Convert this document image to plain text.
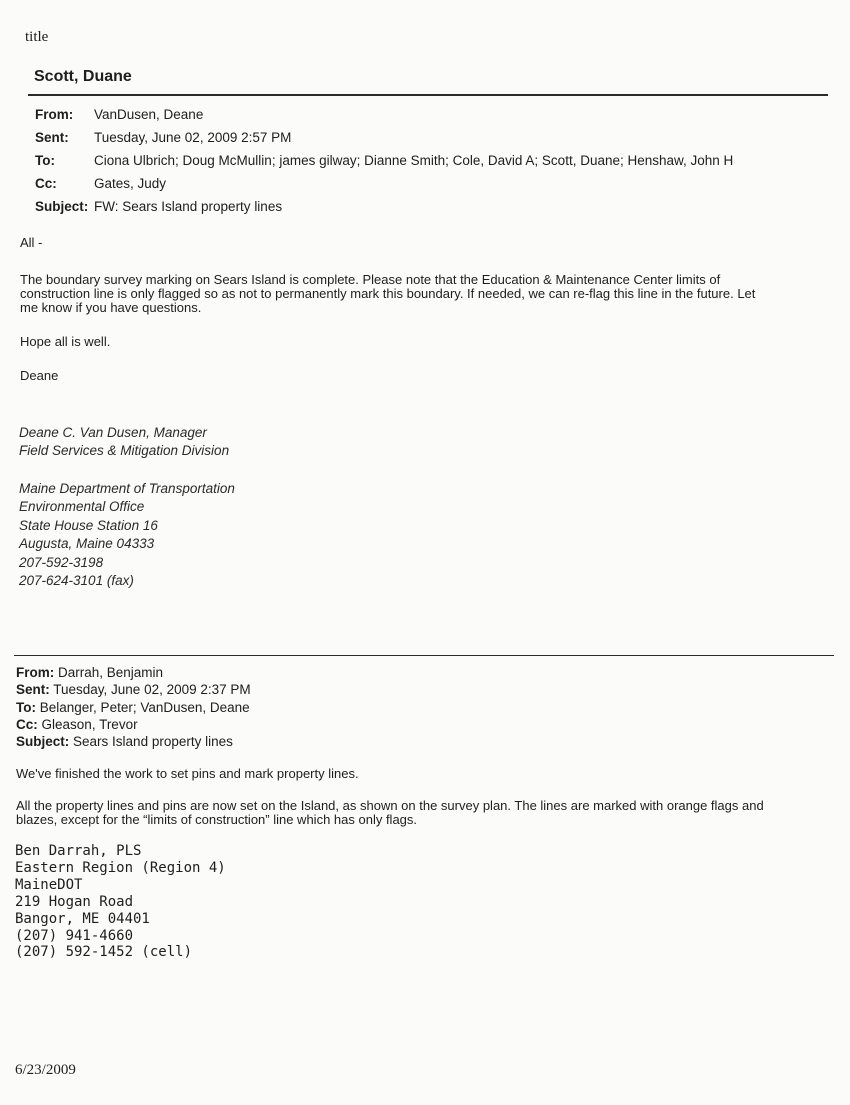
title
Scott, Duane
From: VanDusen, Deane
Sent: Tuesday, June 02, 2009 2:57 PM
To:	Ciona Ulbrich; Doug McMullin; james gilway; Dianne Smith; Cole, David A; Scott, Duane; Henshaw, John H
Cc:	Gates, Judy
Subject: FW: Sears Island property lines
All -
The boundary survey marking on Sears Island is complete. Please note that the Education & Maintenance Center limits of
construction line is only flagged so as not to permanently mark this boundary. If needed, we can re-flag this line in the future. Let
me know if you have questions.
Hope all is well.
Deane
Deane C. Van Dusen, Manager
Field Services & Mitigation Division
Maine Department of Transportation
Environmental Office
State House Station 16
Augusta, Maine 04333
207-592-3198
207-624-3101 (fax)
From: Darrah, Benjamin
Sent: Tuesday, June 02, 2009 2:37 PM
To: Belanger, Peter; VanDusen, Deane
Cc: Gleason, Trevor
Subject: Sears Island property lines
We've finished the work to set pins and mark property lines.
All the property lines and pins are now set on the Island, as shown on the survey plan. The lines are marked with orange flags and
blazes, except for the “limits of construction” line which has only flags.
Ben Darrah, PLS
Eastern Region (Region 4)
MaineDOT
219 Hogan Road
Bangor, ME 04401
(207) 941-4660
(207) 592-1452 (cell)
6/23/2009
